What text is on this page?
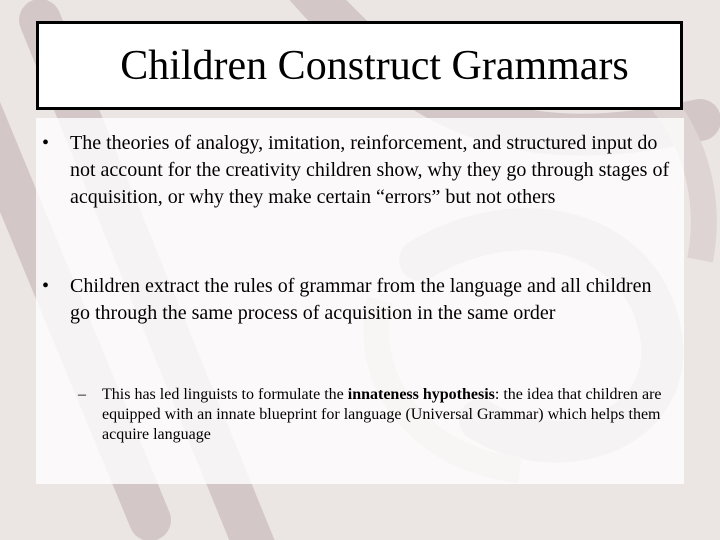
Children Construct Grammars
• The theories of analogy, imitation, reinforcement, and structured input do not account for the creativity children show, why they go through stages of acquisition, or why they make certain “errors” but not others
• Children extract the rules of grammar from the language and all children go through the same process of acquisition in the same order
– This has led linguists to formulate the innateness hypothesis: the idea that children are equipped with an innate blueprint for language (Universal Grammar) which helps them acquire language
